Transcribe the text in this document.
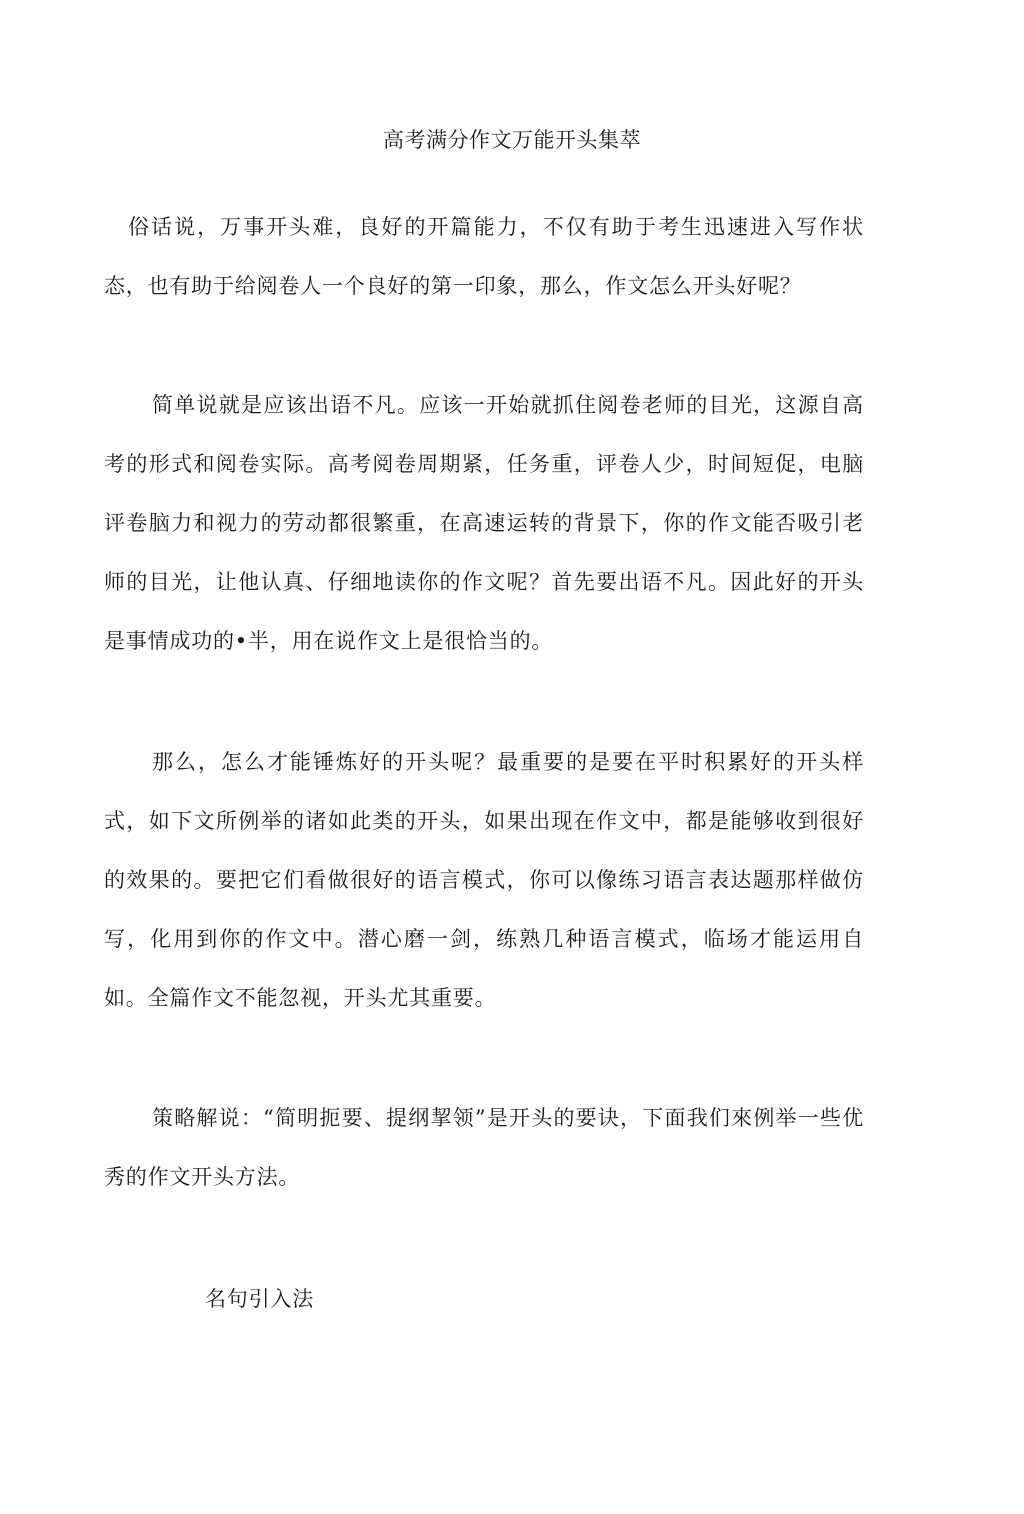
高考满分作文万能开头集萃

俗话说，万事开头难，良好的开篇能力，不仅有助于考生迅速进入写作状态，也有助于给阅卷人一个良好的第一印象，那么，作文怎么开头好呢？

简单说就是应该出语不凡。应该一开始就抓住阅卷老师的目光，这源自高考的形式和阅卷实际。高考阅卷周期紧，任务重，评卷人少，时间短促，电脑评卷脑力和视力的劳动都很繁重，在高速运转的背景下，你的作文能否吸引老师的目光，让他认真、仔细地读你的作文呢？首先要出语不凡。因此好的开头是事情成功的•半，用在说作文上是很恰当的。

那么，怎么才能锤炼好的开头呢？最重要的是要在平时积累好的开头样式，如下文所例举的诸如此类的开头，如果出现在作文中，都是能够收到很好的效果的。要把它们看做很好的语言模式，你可以像练习语言表达题那样做仿写，化用到你的作文中。潜心磨一剑，练熟几种语言模式，临场才能运用自如。全篇作文不能忽视，开头尤其重要。

策略解说：“简明扼要、提纲挈领”是开头的要诀，下面我们來例举一些优秀的作文开头方法。

名句引入法
